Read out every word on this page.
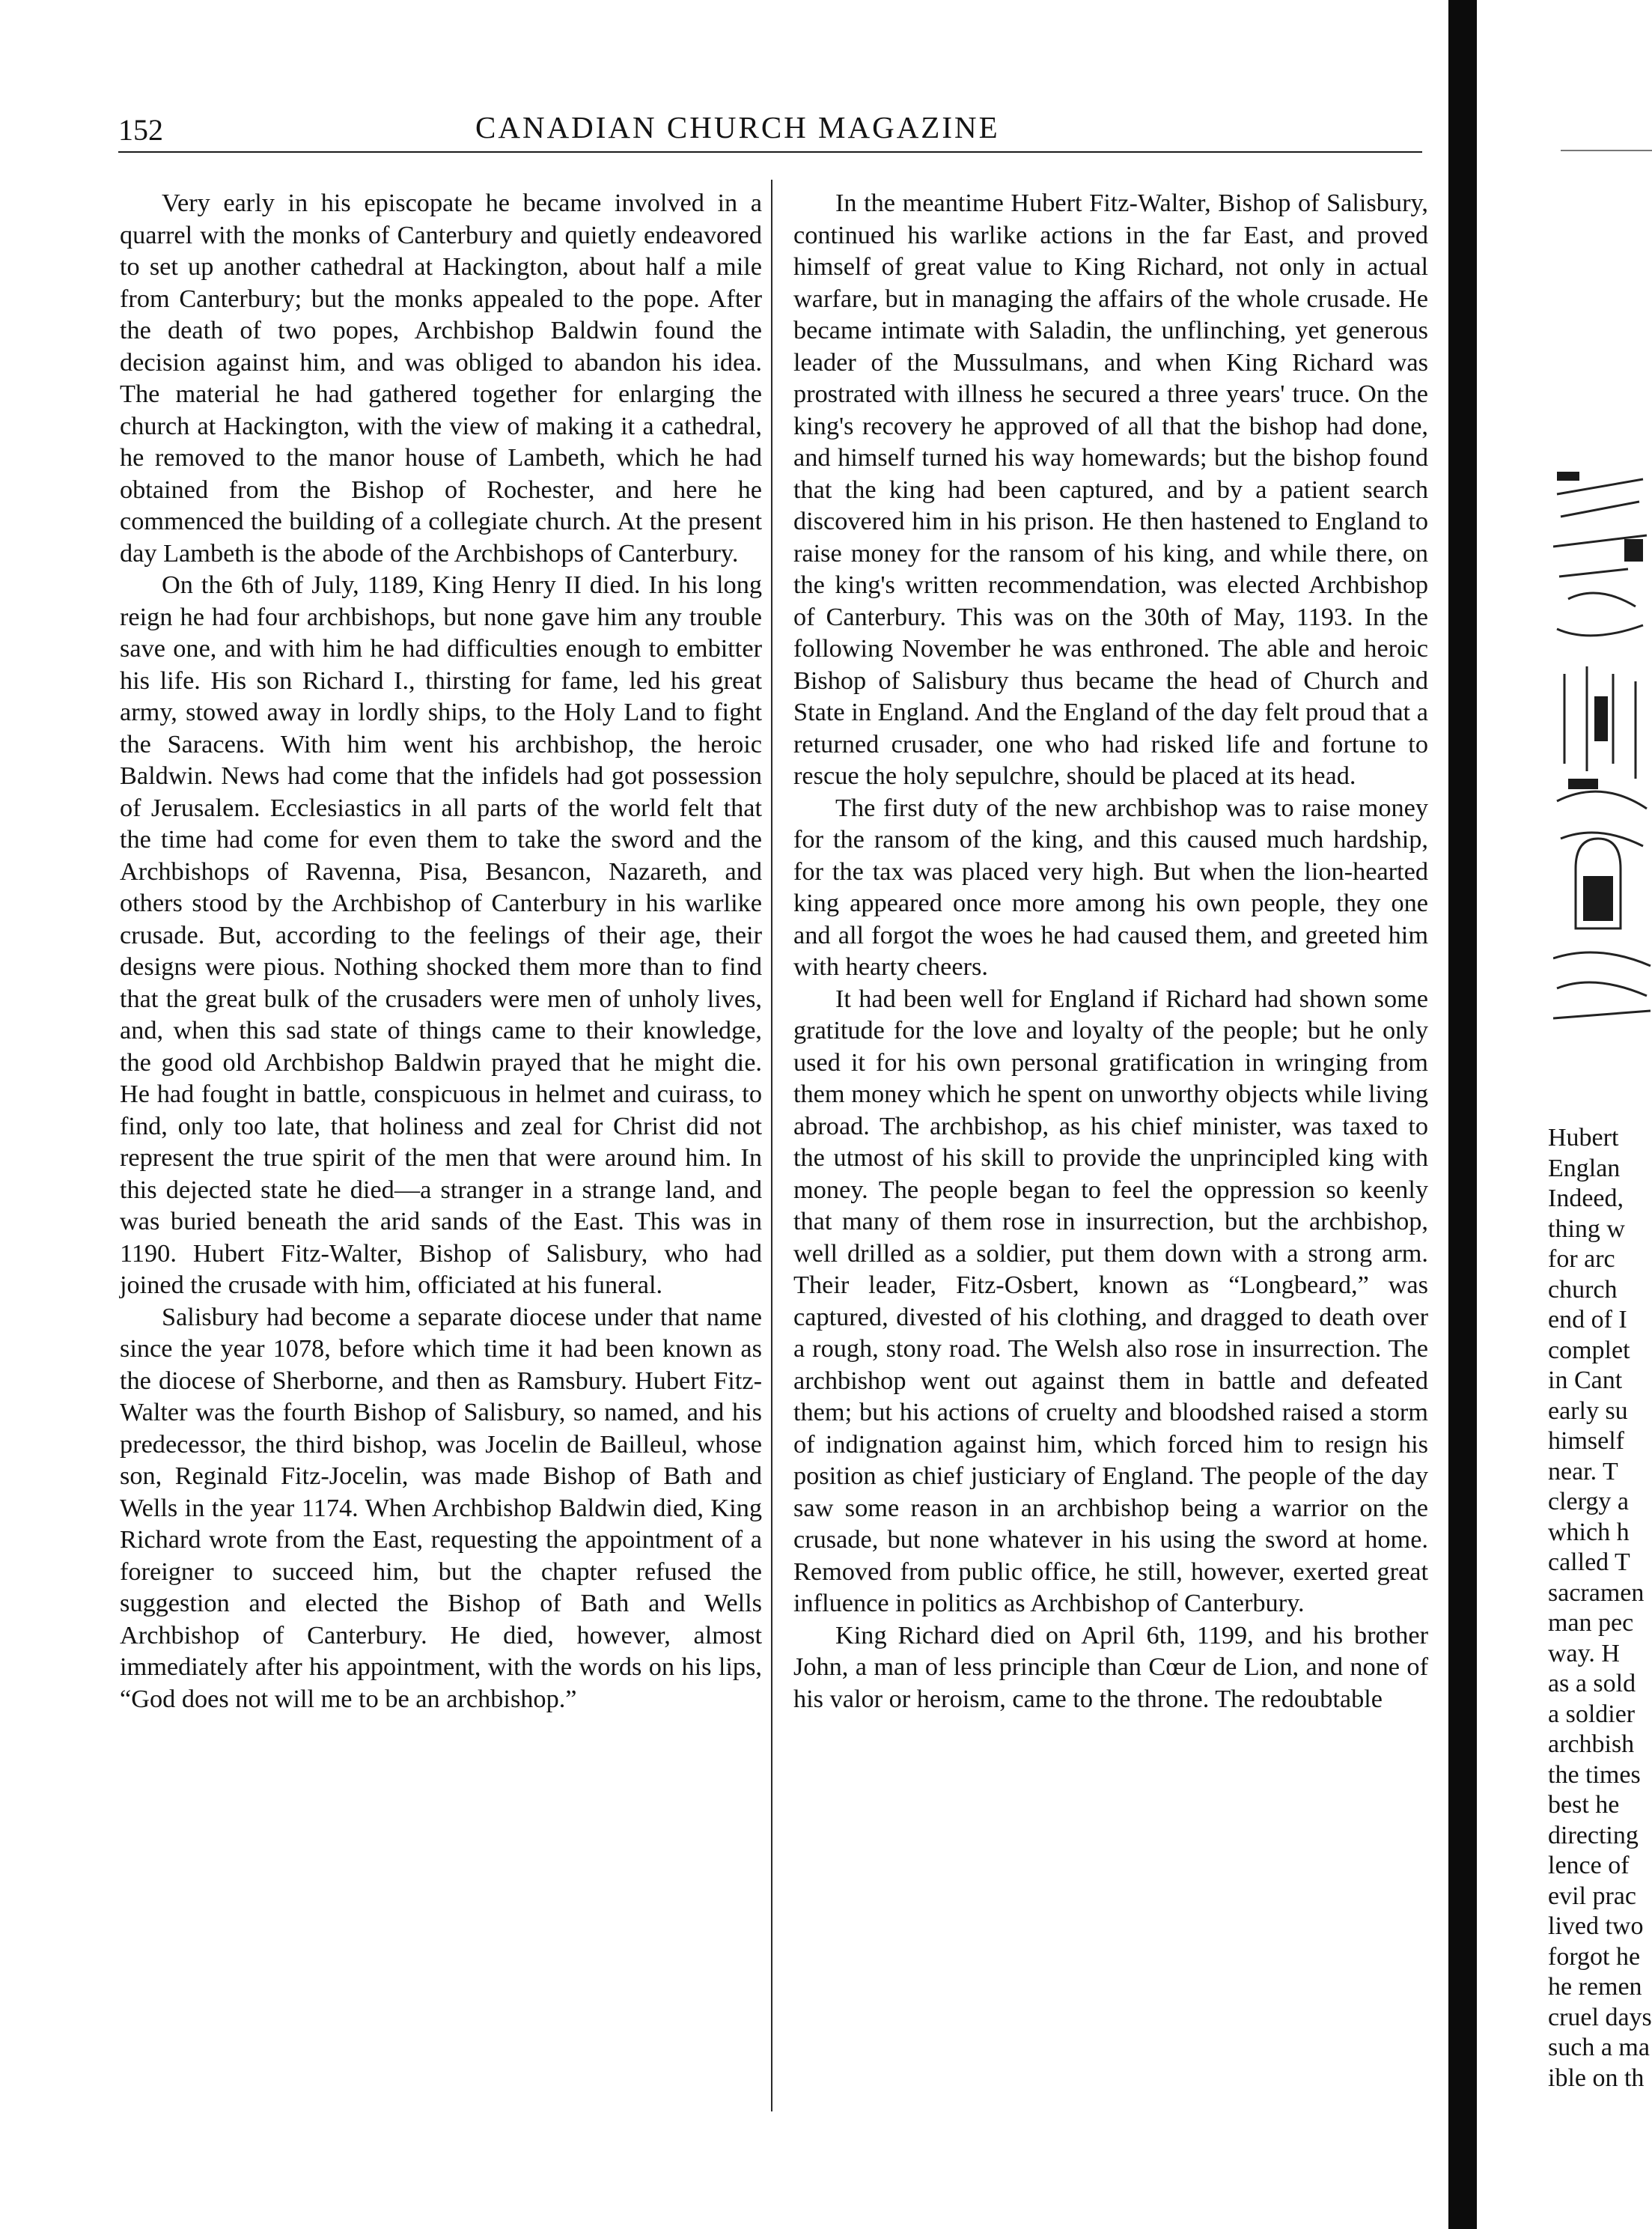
152	CANADIAN CHURCH MAGAZINE

Very early in his episcopate he became involved in a quarrel with the monks of Canterbury and quietly endeavored to set up another cathedral at Hackington, about half a mile from Canterbury; but the monks appealed to the pope. After the death of two popes, Archbishop Baldwin found the decision against him, and was obliged to abandon his idea. The material he had gathered together for enlarging the church at Hackington, with the view of making it a cathedral, he removed to the manor house of Lambeth, which he had obtained from the Bishop of Rochester, and here he commenced the building of a collegiate church. At the present day Lambeth is the abode of the Archbishops of Canterbury.

On the 6th of July, 1189, King Henry II died. In his long reign he had four archbishops, but none gave him any trouble save one, and with him he had difficulties enough to embitter his life. His son Richard I., thirsting for fame, led his great army, stowed away in lordly ships, to the Holy Land to fight the Saracens. With him went his archbishop, the heroic Baldwin. News had come that the infidels had got possession of Jerusalem. Ecclesiastics in all parts of the world felt that the time had come for even them to take the sword and the Archbishops of Ravenna, Pisa, Besancon, Nazareth, and others stood by the Archbishop of Canterbury in his warlike crusade. But, according to the feelings of their age, their designs were pious. Nothing shocked them more than to find that the great bulk of the crusaders were men of unholy lives, and, when this sad state of things came to their knowledge, the good old Archbishop Baldwin prayed that he might die. He had fought in battle, conspicuous in helmet and cuirass, to find, only too late, that holiness and zeal for Christ did not represent the true spirit of the men that were around him. In this dejected state he died—a stranger in a strange land, and was buried beneath the arid sands of the East. This was in 1190. Hubert Fitz-Walter, Bishop of Salisbury, who had joined the crusade with him, officiated at his funeral.

Salisbury had become a separate diocese under that name since the year 1078, before which time it had been known as the diocese of Sherborne, and then as Ramsbury. Hubert Fitz-Walter was the fourth Bishop of Salisbury, so named, and his predecessor, the third bishop, was Jocelin de Bailleul, whose son, Reginald Fitz-Jocelin, was made Bishop of Bath and Wells in the year 1174. When Archbishop Baldwin died, King Richard wrote from the East, requesting the appointment of a foreigner to succeed him, but the chapter refused the suggestion and elected the Bishop of Bath and Wells Archbishop of Canterbury. He died, however, almost immediately after his appointment, with the words on his lips, “God does not will me to be an archbishop.”

In the meantime Hubert Fitz-Walter, Bishop of Salisbury, continued his warlike actions in the far East, and proved himself of great value to King Richard, not only in actual warfare, but in managing the affairs of the whole crusade. He became intimate with Saladin, the unflinching, yet generous leader of the Mussulmans, and when King Richard was prostrated with illness he secured a three years' truce. On the king's recovery he approved of all that the bishop had done, and himself turned his way homewards; but the bishop found that the king had been captured, and by a patient search discovered him in his prison. He then hastened to England to raise money for the ransom of his king, and while there, on the king's written recommendation, was elected Archbishop of Canterbury. This was on the 30th of May, 1193. In the following November he was enthroned. The able and heroic Bishop of Salisbury thus became the head of Church and State in England. And the England of the day felt proud that a returned crusader, one who had risked life and fortune to rescue the holy sepulchre, should be placed at its head.

The first duty of the new archbishop was to raise money for the ransom of the king, and this caused much hardship, for the tax was placed very high. But when the lion-hearted king appeared once more among his own people, they one and all forgot the woes he had caused them, and greeted him with hearty cheers.

It had been well for England if Richard had shown some gratitude for the love and loyalty of the people; but he only used it for his own personal gratification in wringing from them money which he spent on unworthy objects while living abroad. The archbishop, as his chief minister, was taxed to the utmost of his skill to provide the unprincipled king with money. The people began to feel the oppression so keenly that many of them rose in insurrection, but the archbishop, well drilled as a soldier, put them down with a strong arm. Their leader, Fitz-Osbert, known as “Longbeard,” was captured, divested of his clothing, and dragged to death over a rough, stony road. The Welsh also rose in insurrection. The archbishop went out against them in battle and defeated them; but his actions of cruelty and bloodshed raised a storm of indignation against him, which forced him to resign his position as chief justiciary of England. The people of the day saw some reason in an archbishop being a warrior on the crusade, but none whatever in his using the sword at home. Removed from public office, he still, however, exerted great influence in politics as Archbishop of Canterbury.

King Richard died on April 6th, 1199, and his brother John, a man of less principle than Cœur de Lion, and none of his valor or heroism, came to the throne. The redoubtable

Hubert
Englan
Indeed,
thing w
for arc
church
end of I
complet
in Cant
early su
himself
near. T
clergy a
which h
called T
sacramen
man pec
way. H
as a sold
a soldier
archbish
the times
best he
directing
lence of
evil prac
lived two
forgot he
he remen
cruel days
such a ma
ible on th
